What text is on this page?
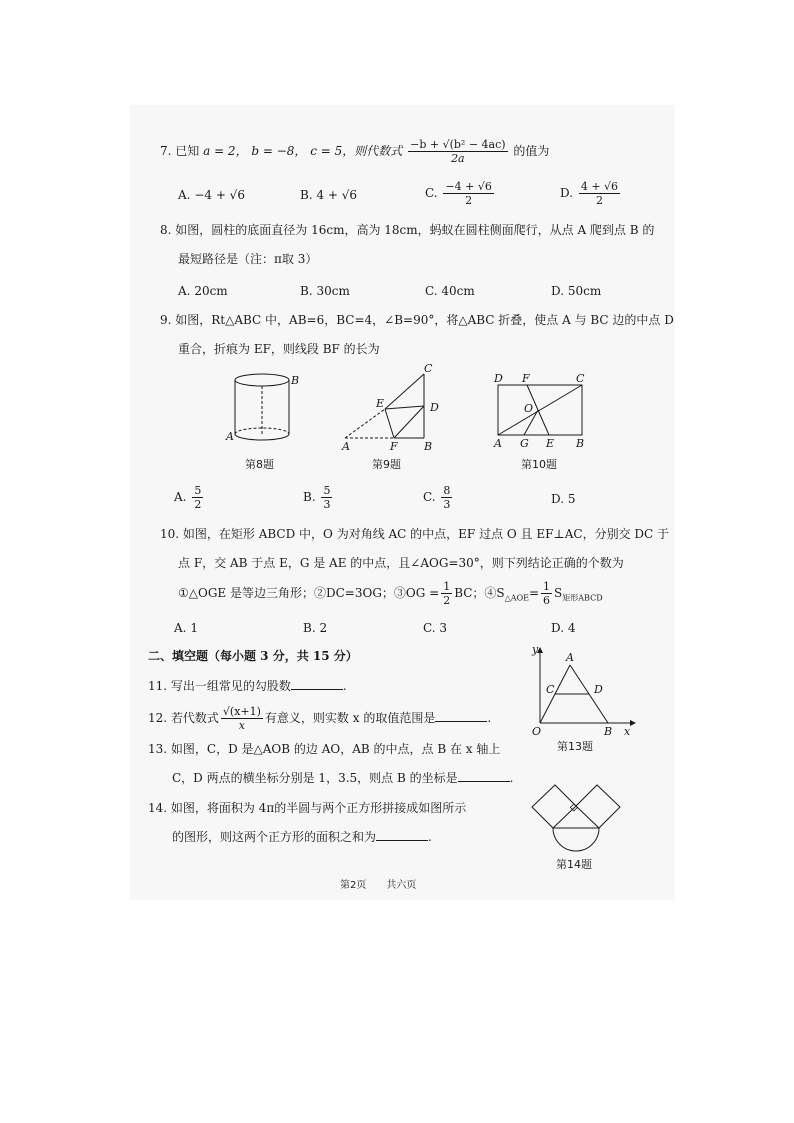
7. 已知 a = 2， b = −8， c = 5，则代数式 $\frac{\text{−b + √(b² − 4ac)}}{2a}$ 的值为
A. −4 + √6	B. 4 + √6	C. $\frac{-4 + √6}{2}$	D. $\frac{4 + √6}{2}$
8. 如图，圆柱的底面直径为 16cm，高为 18cm，蚂蚁在圆柱侧面爬行，从点 A 爬到点 B 的
最短路径是（注：π取 3）
A. 20cm	B. 30cm	C. 40cm	D. 50cm
9. 如图，Rt△ABC 中，AB=6，BC=4，∠B=90°，将△ABC 折叠，使点 A 与 BC 边的中点 D
重合，折痕为 EF，则线段 BF 的长为
B
A
第8题
C
E	D
A	F B
第9题
D F	C
O
A G E B
第10题
A. $\frac{5}{2}$	B. $\frac{5}{3}$	C. $\frac{8}{3}$	D. 5
10. 如图，在矩形 ABCD 中，O 为对角线 AC 的中点，EF 过点 O 且 EF⊥AC，分别交 DC 于
点 F，交 AB 于点 E，G 是 AE 的中点，且∠AOG=30°，则下列结论正确的个数为
①△OGE 是等边三角形；②DC=3OG；③OG = $\frac{1}{2}$ BC；$④S_{\triangle AOE}= \frac{1}{6} S_{矩形ABCD}$
A. 1	B. 2	C. 3	D. 4
二、填空题（每小题 3 分，共 15 分）
11. 写出一组常见的勾股数	.
12. 若代数式 $\frac{√(x+1)}{x}$ 有意义，则实数 x 的取值范围是	.
13. 如图，C，D 是△AOB 的边 AO，AB 的中点，点 B 在 x 轴上
C，D 两点的横坐标分别是 1，3.5，则点 B 的坐标是	.
y
A
C	D
O	B x
第13题
14. 如图，将面积为 4π的半圆与两个正方形拼接成如图所示
的图形，则这两个正方形的面积之和为	.
第14题
第2页　　共六页
